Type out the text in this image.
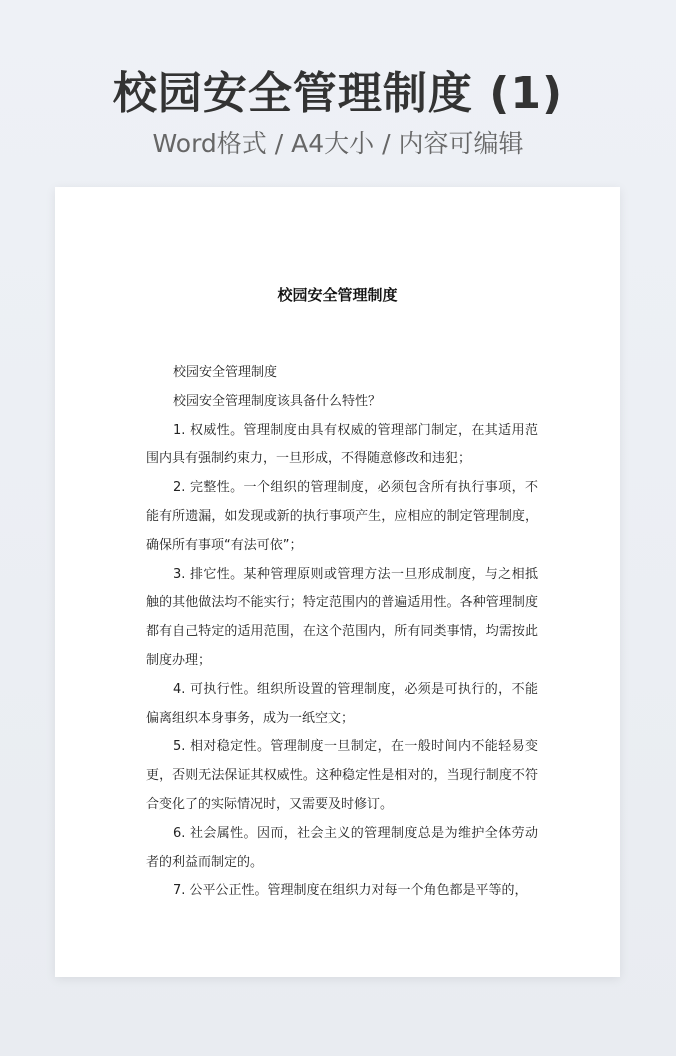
校园安全管理制度 (1)
Word格式 / A4大小 / 内容可编辑
校园安全管理制度

校园安全管理制度

校园安全管理制度该具备什么特性？

1. 权威性。管理制度由具有权威的管理部门制定，在其适用范围内具有强制约束力，一旦形成，不得随意修改和违犯；

2. 完整性。一个组织的管理制度，必须包含所有执行事项，不能有所遗漏，如发现或新的执行事项产生，应相应的制定管理制度，确保所有事项“有法可依”；

3. 排它性。某种管理原则或管理方法一旦形成制度，与之相抵触的其他做法均不能实行；特定范围内的普遍适用性。各种管理制度都有自己特定的适用范围，在这个范围内，所有同类事情，均需按此制度办理；

4. 可执行性。组织所设置的管理制度，必须是可执行的，不能偏离组织本身事务，成为一纸空文；

5. 相对稳定性。管理制度一旦制定，在一般时间内不能轻易变更，否则无法保证其权威性。这种稳定性是相对的，当现行制度不符合变化了的实际情况时，又需要及时修订。

6. 社会属性。因而，社会主义的管理制度总是为维护全体劳动者的利益而制定的。

7. 公平公正性。管理制度在组织力对每一个角色都是平等的，
